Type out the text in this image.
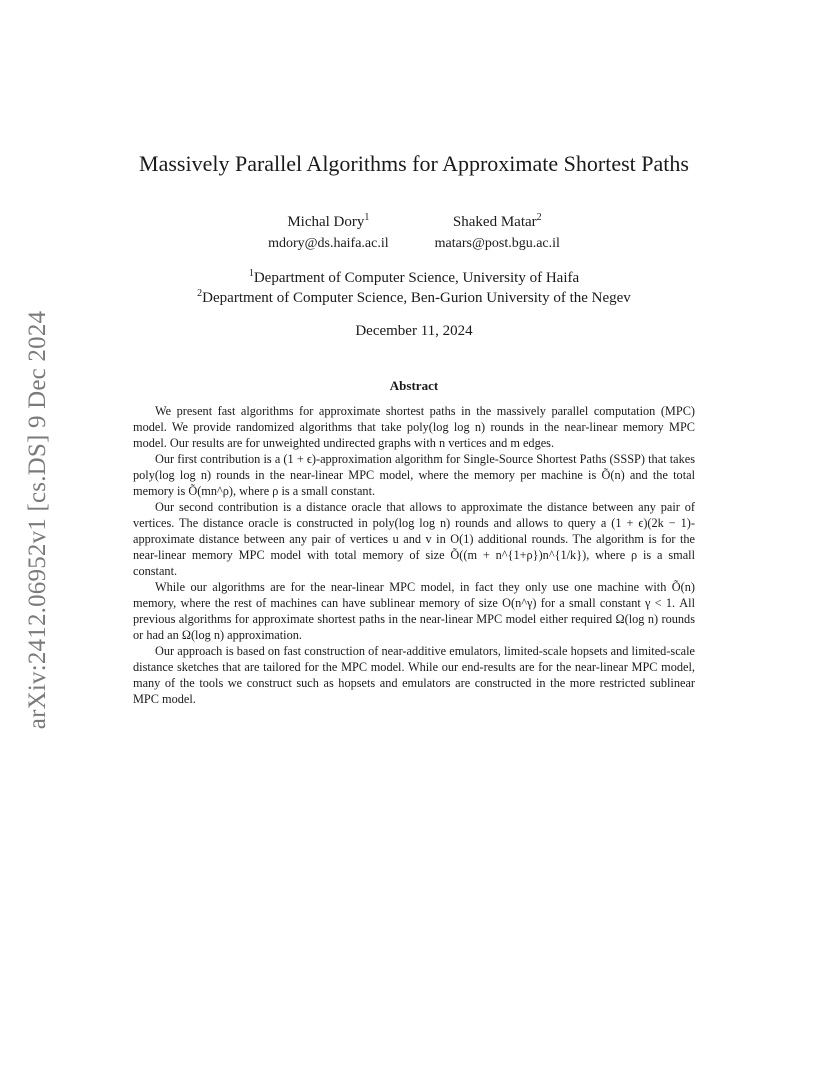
arXiv:2412.06952v1 [cs.DS] 9 Dec 2024
Massively Parallel Algorithms for Approximate Shortest Paths
Michal Dory$^1$
mdory@ds.haifa.ac.il
Shaked Matar$^2$
matars@post.bgu.ac.il
$^1$Department of Computer Science, University of Haifa
$^2$Department of Computer Science, Ben-Gurion University of the Negev
December 11, 2024
Abstract

We present fast algorithms for approximate shortest paths in the massively parallel computation (MPC) model. We provide randomized algorithms that take poly(log log n) rounds in the near-linear memory MPC model. Our results are for unweighted undirected graphs with n vertices and m edges.

Our first contribution is a (1 + ϵ)-approximation algorithm for Single-Source Shortest Paths (SSSP) that takes poly(log log n) rounds in the near-linear MPC model, where the memory per machine is Õ(n) and the total memory is Õ(mn^ρ), where ρ is a small constant.

Our second contribution is a distance oracle that allows to approximate the distance between any pair of vertices. The distance oracle is constructed in poly(log log n) rounds and allows to query a (1 + ϵ)(2k − 1)-approximate distance between any pair of vertices u and v in O(1) additional rounds. The algorithm is for the near-linear memory MPC model with total memory of size Õ((m + n^{1+ρ})n^{1/k}), where ρ is a small constant.

While our algorithms are for the near-linear MPC model, in fact they only use one machine with Õ(n) memory, where the rest of machines can have sublinear memory of size O(n^γ) for a small constant γ < 1. All previous algorithms for approximate shortest paths in the near-linear MPC model either required Ω(log n) rounds or had an Ω(log n) approximation.

Our approach is based on fast construction of near-additive emulators, limited-scale hopsets and limited-scale distance sketches that are tailored for the MPC model. While our end-results are for the near-linear MPC model, many of the tools we construct such as hopsets and emulators are constructed in the more restricted sublinear MPC model.
